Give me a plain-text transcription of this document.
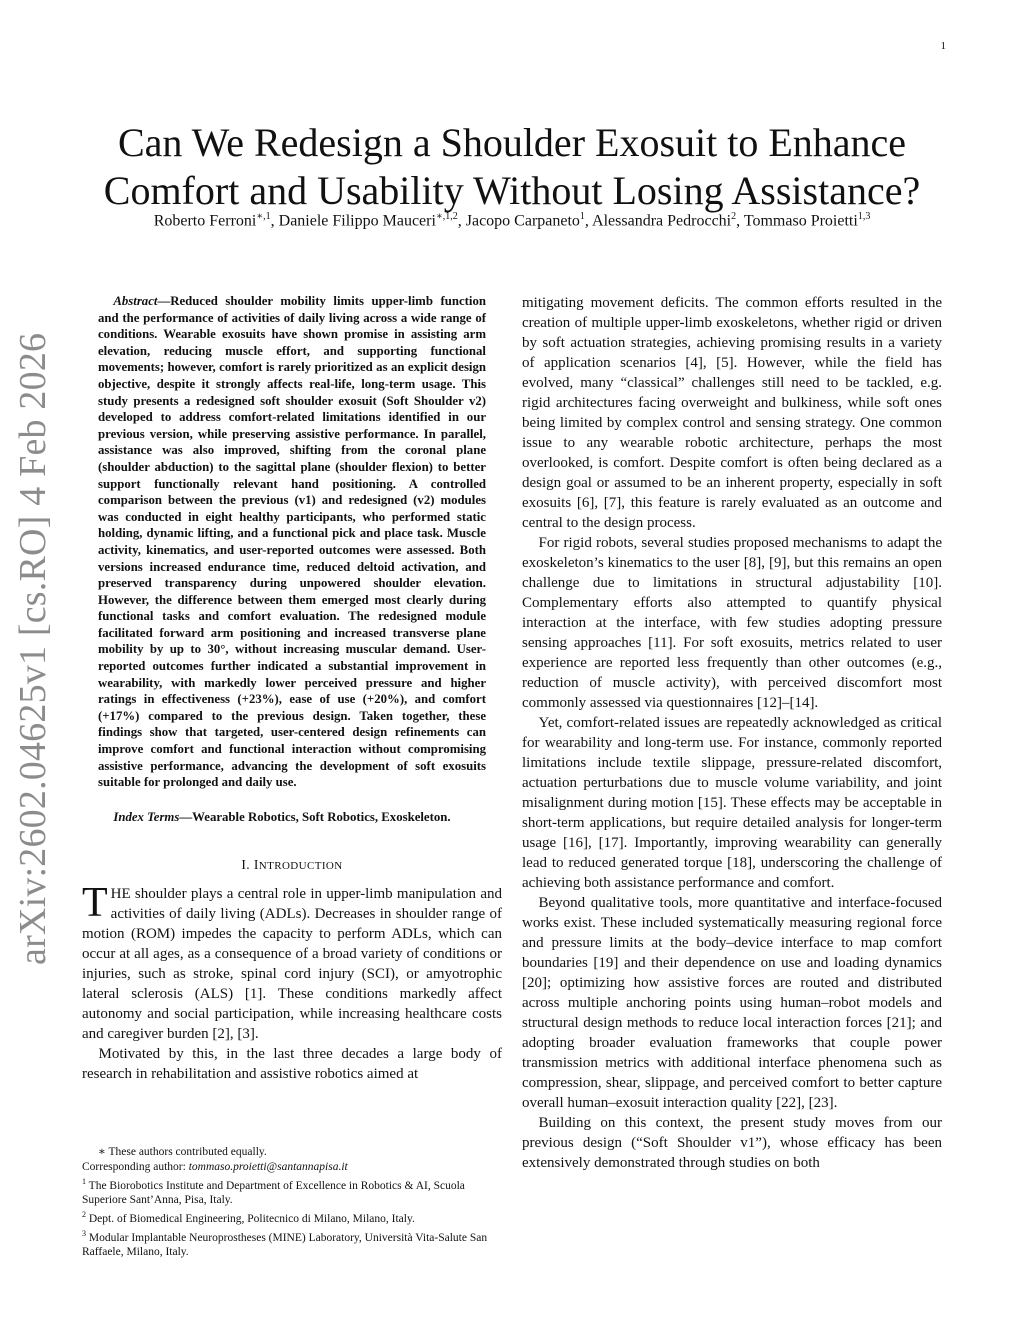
1
arXiv:2602.04625v1 [cs.RO] 4 Feb 2026
Can We Redesign a Shoulder Exosuit to Enhance
Comfort and Usability Without Losing Assistance?
Roberto Ferroni$^{∗,1}$, Daniele Filippo Mauceri$^{∗,1,2}$, Jacopo Carpaneto$^1$, Alessandra Pedrocchi$^2$, Tommaso Proietti$^{1,3}$

Abstract—Reduced shoulder mobility limits upper-limb function and the performance of activities of daily living across a wide range of conditions. Wearable exosuits have shown promise in assisting arm elevation, reducing muscle effort, and supporting functional movements; however, comfort is rarely prioritized as an explicit design objective, despite it strongly affects real-life, long-term usage. This study presents a redesigned soft shoulder exosuit (Soft Shoulder v2) developed to address comfort-related limitations identified in our previous version, while preserving assistive performance. In parallel, assistance was also improved, shifting from the coronal plane (shoulder abduction) to the sagittal plane (shoulder flexion) to better support functionally relevant hand positioning. A controlled comparison between the previous (v1) and redesigned (v2) modules was conducted in eight healthy participants, who performed static holding, dynamic lifting, and a functional pick and place task. Muscle activity, kinematics, and user-reported outcomes were assessed. Both versions increased endurance time, reduced deltoid activation, and preserved transparency during unpowered shoulder elevation. However, the difference between them emerged most clearly during functional tasks and comfort evaluation. The redesigned module facilitated forward arm positioning and increased transverse plane mobility by up to 30°, without increasing muscular demand. User-reported outcomes further indicated a substantial improvement in wearability, with markedly lower perceived pressure and higher ratings in effectiveness (+23%), ease of use (+20%), and comfort (+17%) compared to the previous design. Taken together, these findings show that targeted, user-centered design refinements can improve comfort and functional interaction without compromising assistive performance, advancing the development of soft exosuits suitable for prolonged and daily use.

Index Terms—Wearable Robotics, Soft Robotics, Exoskeleton.

I. INTRODUCTION

THE shoulder plays a central role in upper-limb manipulation and activities of daily living (ADLs). Decreases in shoulder range of motion (ROM) impedes the capacity to perform ADLs, which can occur at all ages, as a consequence of a broad variety of conditions or injuries, such as stroke, spinal cord injury (SCI), or amyotrophic lateral sclerosis (ALS) [1]. These conditions markedly affect autonomy and social participation, while increasing healthcare costs and caregiver burden [2], [3].

Motivated by this, in the last three decades a large body of research in rehabilitation and assistive robotics aimed at

∗ These authors contributed equally.

Corresponding author: tommaso.proietti@santannapisa.it

$^1$ The Biorobotics Institute and Department of Excellence in Robotics & AI, Scuola Superiore Sant’Anna, Pisa, Italy.

$^2$ Dept. of Biomedical Engineering, Politecnico di Milano, Milano, Italy.

$^3$ Modular Implantable Neuroprostheses (MINE) Laboratory, Università Vita-Salute San Raffaele, Milano, Italy.

mitigating movement deficits. The common efforts resulted in the creation of multiple upper-limb exoskeletons, whether rigid or driven by soft actuation strategies, achieving promising results in a variety of application scenarios [4], [5]. However, while the field has evolved, many “classical” challenges still need to be tackled, e.g. rigid architectures facing overweight and bulkiness, while soft ones being limited by complex control and sensing strategy. One common issue to any wearable robotic architecture, perhaps the most overlooked, is comfort. Despite comfort is often being declared as a design goal or assumed to be an inherent property, especially in soft exosuits [6], [7], this feature is rarely evaluated as an outcome and central to the design process.

For rigid robots, several studies proposed mechanisms to adapt the exoskeleton’s kinematics to the user [8], [9], but this remains an open challenge due to limitations in structural adjustability [10]. Complementary efforts also attempted to quantify physical interaction at the interface, with few studies adopting pressure sensing approaches [11]. For soft exosuits, metrics related to user experience are reported less frequently than other outcomes (e.g., reduction of muscle activity), with perceived discomfort most commonly assessed via questionnaires [12]–[14].

Yet, comfort-related issues are repeatedly acknowledged as critical for wearability and long-term use. For instance, commonly reported limitations include textile slippage, pressure-related discomfort, actuation perturbations due to muscle volume variability, and joint misalignment during motion [15]. These effects may be acceptable in short-term applications, but require detailed analysis for longer-term usage [16], [17]. Importantly, improving wearability can generally lead to reduced generated torque [18], underscoring the challenge of achieving both assistance performance and comfort.

Beyond qualitative tools, more quantitative and interface-focused works exist. These included systematically measuring regional force and pressure limits at the body–device interface to map comfort boundaries [19] and their dependence on use and loading dynamics [20]; optimizing how assistive forces are routed and distributed across multiple anchoring points using human–robot models and structural design methods to reduce local interaction forces [21]; and adopting broader evaluation frameworks that couple power transmission metrics with additional interface phenomena such as compression, shear, slippage, and perceived comfort to better capture overall human–exosuit interaction quality [22], [23].

Building on this context, the present study moves from our previous design (“Soft Shoulder v1”), whose efficacy has been extensively demonstrated through studies on both
